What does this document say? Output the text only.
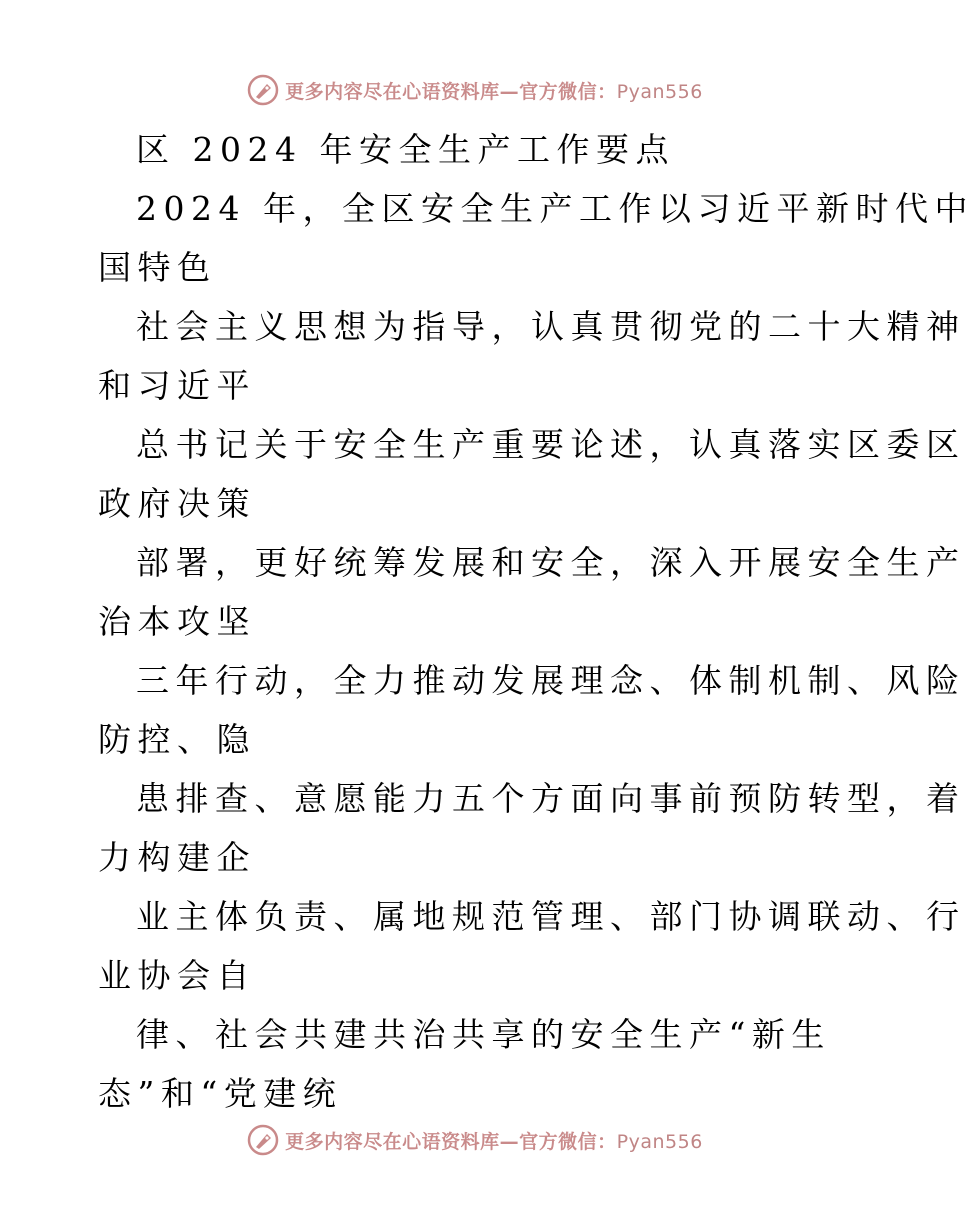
更多内容尽在心语资料库—官方微信：Pyan556
区 2024 年安全生产工作要点
2024 年，全区安全生产工作以习近平新时代中
国特色
社会主义思想为指导，认真贯彻党的二十大精神
和习近平
总书记关于安全生产重要论述，认真落实区委区
政府决策
部署，更好统筹发展和安全，深入开展安全生产
治本攻坚
三年行动，全力推动发展理念、体制机制、风险
防控、隐
患排查、意愿能力五个方面向事前预防转型，着
力构建企
业主体负责、属地规范管理、部门协调联动、行
业协会自
律、社会共建共治共享的安全生产“新生
态”和“党建统
更多内容尽在心语资料库—官方微信：Pyan556
